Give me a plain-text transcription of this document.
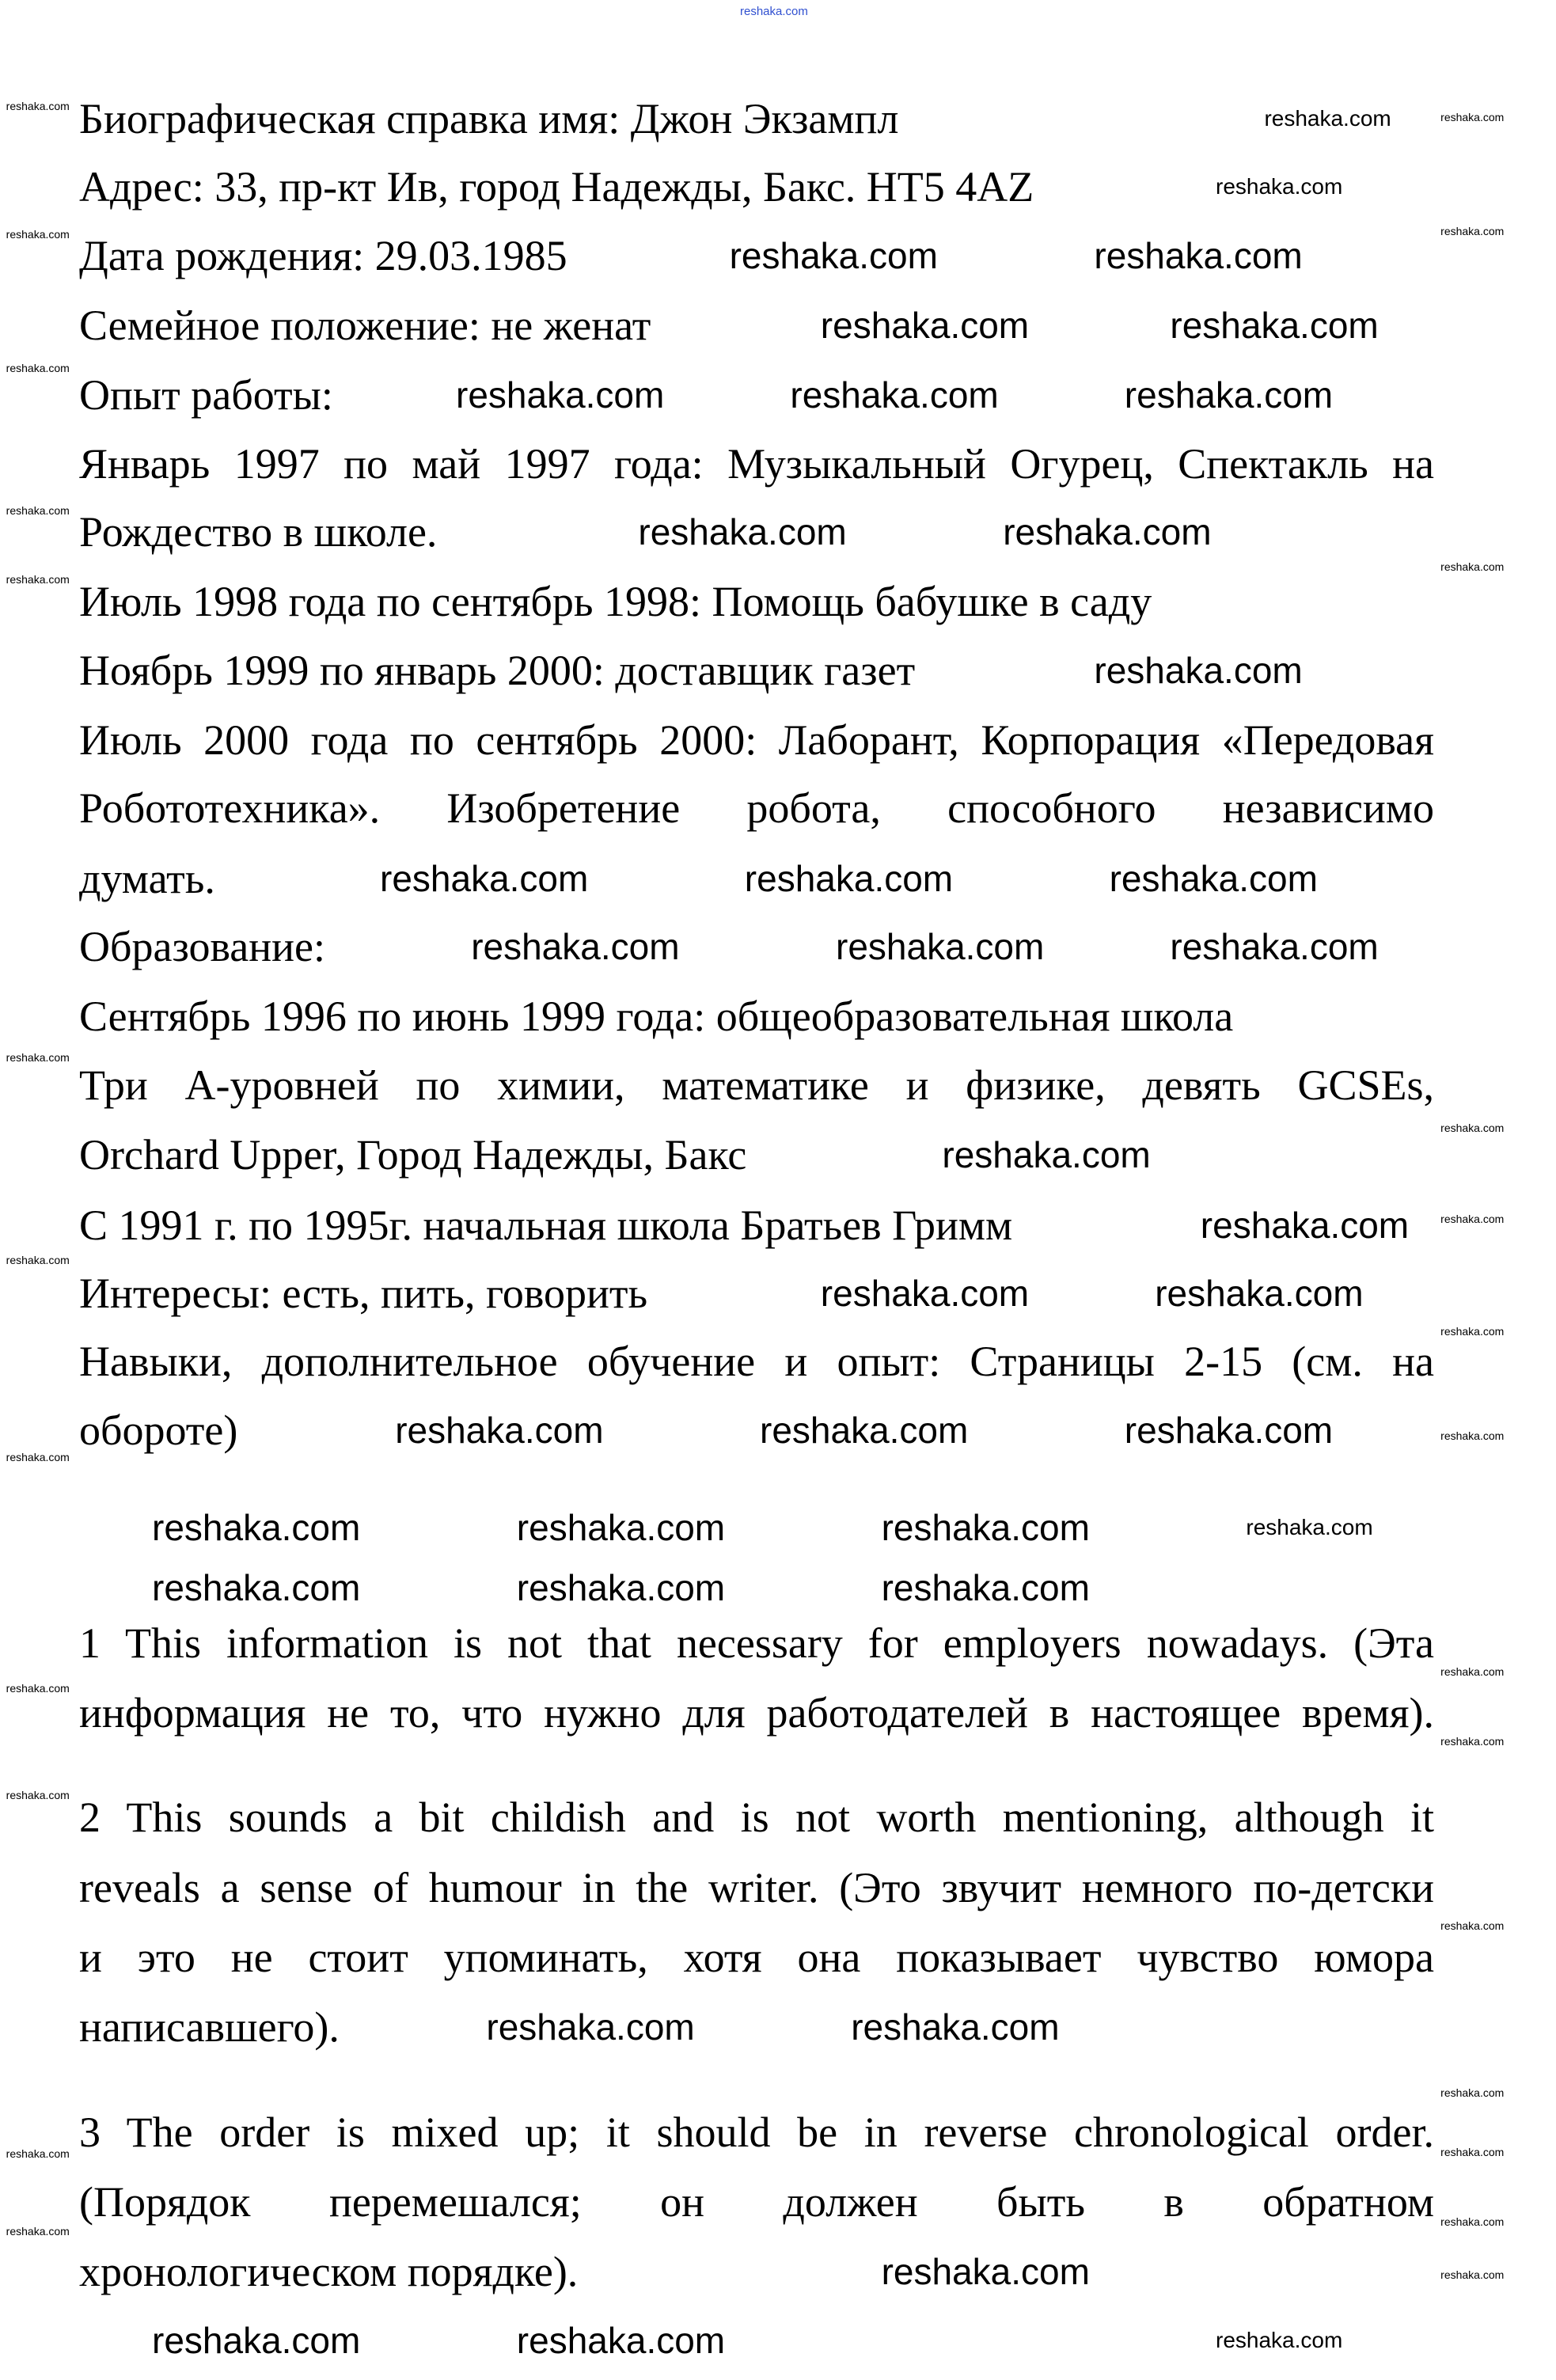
reshaka.com
Биографическая справка имя: Джон Экзампл
Адрес: 33, пр-кт Ив, город Надежды, Бакс. HT5 4AZ
Дата рождения: 29.03.1985
Семейное положение: не женат
Опыт работы:
Январь 1997 по май 1997 года: Музыкальный Огурец, Спектакль на
Рождество в школе.
Июль 1998 года по сентябрь 1998: Помощь бабушке в саду
Ноябрь 1999 по январь 2000: доставщик газет
Июль 2000 года по сентябрь 2000: Лаборант, Корпорация «Передовая
Робототехника». Изобретение робота, способного независимо
думать.
Образование:
Сентябрь 1996 по июнь 1999 года: общеобразовательная школа
Три А-уровней по химии, математике и физике, девять GCSEs,
Orchard Upper, Город Надежды, Бакс
С 1991 г. по 1995г. начальная школа Братьев Гримм
Интересы: есть, пить, говорить
Навыки, дополнительное обучение и опыт: Страницы 2-15 (см. на
обороте)
1 This information is not that necessary for employers nowadays. (Эта
информация не то, что нужно для работодателей в настоящее время).
2 This sounds a bit childish and is not worth mentioning, although it
reveals a sense of humour in the writer. (Это звучит немного по-детски
и это не стоит упоминать, хотя она показывает чувство юмора
написавшего).
3 The order is mixed up; it should be in reverse chronological order.
(Порядок перемешался; он должен быть в обратном
хронологическом порядке).
reshaka.com
reshaka.com
reshaka.com	reshaka.com
reshaka.com	reshaka.com
reshaka.com	reshaka.com	reshaka.com
reshaka.com	reshaka.com
reshaka.com
reshaka.com	reshaka.com	reshaka.com
reshaka.com	reshaka.com	reshaka.com
reshaka.com
reshaka.com
reshaka.com	reshaka.com
reshaka.com	reshaka.com	reshaka.com
reshaka.com	reshaka.com	reshaka.com	reshaka.com
reshaka.com	reshaka.com	reshaka.com
reshaka.com	reshaka.com
reshaka.com
reshaka.com	reshaka.com	reshaka.com
reshaka.com
reshaka.com
reshaka.com
reshaka.com
reshaka.com
reshaka.com
reshaka.com
reshaka.com
reshaka.com
reshaka.com
reshaka.com
reshaka.com
reshaka.com
reshaka.com
reshaka.com
reshaka.com
reshaka.com
reshaka.com
reshaka.com
reshaka.com
reshaka.com
reshaka.com
reshaka.com
reshaka.com
reshaka.com
reshaka.com
